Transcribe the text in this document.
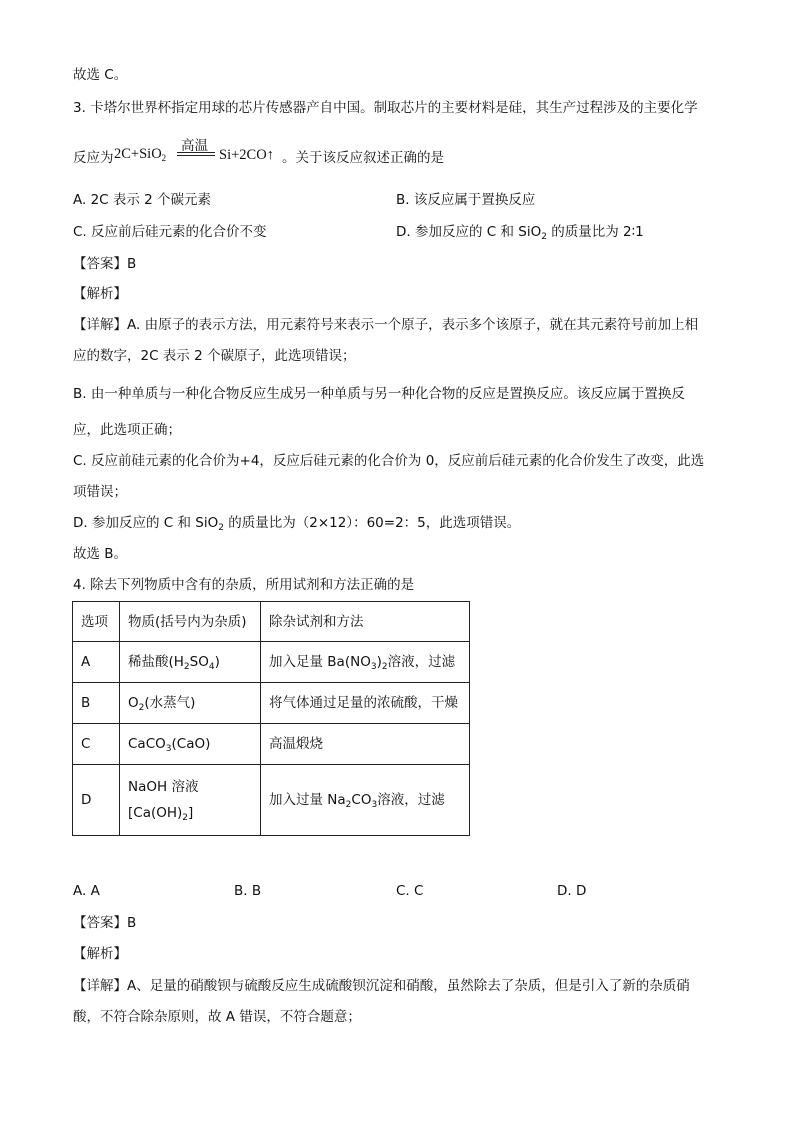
故选 C。
3. 卡塔尔世界杯指定用球的芯片传感器产自中国。制取芯片的主要材料是硅，其生产过程涉及的主要化学
反应为 2C+SiO$_2$
高温
Si+2CO↑ 。关于该反应叙述正确的是
A. 2C 表示 2 个碳元素	B. 该反应属于置换反应
C. 反应前后硅元素的化合价不变	D. 参加反应的 C 和 SiO$_2$ 的质量比为 2∶1
【答案】B
【解析】
【详解】A. 由原子的表示方法，用元素符号来表示一个原子，表示多个该原子，就在其元素符号前加上相
应的数字，2C 表示 2 个碳原子，此选项错误；
B. 由一种单质与一种化合物反应生成另一种单质与另一种化合物的反应是置换反应。该反应属于置换反
应，此选项正确；
C. 反应前硅元素的化合价为+4，反应后硅元素的化合价为 0，反应前后硅元素的化合价发生了改变，此选
项错误；
D. 参加反应的 C 和 SiO$_2$ 的质量比为（2×12）：60=2：5，此选项错误。
故选 B。
4. 除去下列物质中含有的杂质，所用试剂和方法正确的是
选项	物质(括号内为杂质)	除杂试剂和方法
A	稀盐酸$(H_2SO_4)$	加入足量 $Ba(NO_3)_2$溶液，过滤
B	$O_2$(水蒸气)	将气体通过足量的浓硫酸，干燥
C	CaCO$_3$(CaO)	高温煅烧
D	NaOH 溶液
$[Ca(OH)_2]$	加入过量 $Na_2CO_3$溶液，过滤
A. A	B. B	C. C	D. D
【答案】B
【解析】
【详解】A、足量的硝酸钡与硫酸反应生成硫酸钡沉淀和硝酸，虽然除去了杂质，但是引入了新的杂质硝
酸，不符合除杂原则，故 A 错误，不符合题意；
